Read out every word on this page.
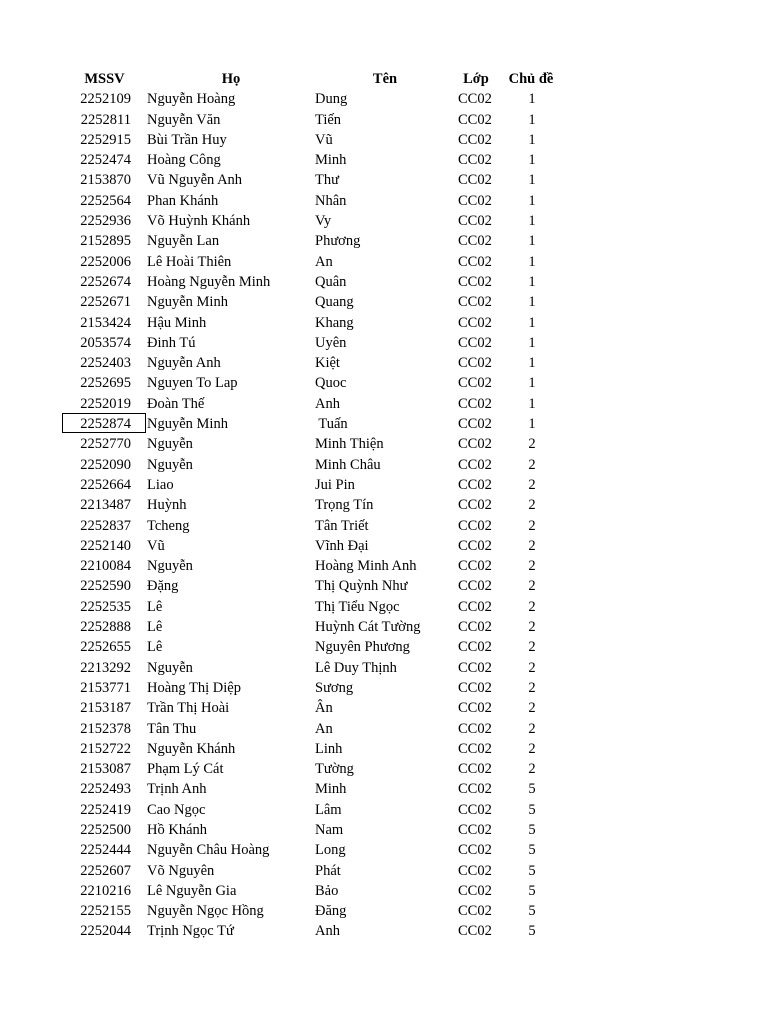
MSSV	Họ	Tên	Lớp	Chủ đề
2252109 Nguyễn Hoàng	Dung	CC02	1
2252811 Nguyễn Văn	Tiến	CC02	1
2252915 Bùi Trần Huy	Vũ	CC02	1
2252474 Hoàng Công	Minh	CC02	1
2153870 Vũ Nguyễn Anh	Thư	CC02	1
2252564 Phan Khánh	Nhân	CC02	1
2252936 Võ Huỳnh Khánh	Vy	CC02	1
2152895 Nguyễn Lan	Phương	CC02	1
2252006 Lê Hoài Thiên	An	CC02	1
2252674 Hoàng Nguyễn Minh	Quân	CC02	1
2252671 Nguyễn Minh	Quang	CC02	1
2153424 Hậu Minh	Khang	CC02	1
2053574 Đinh Tú	Uyên	CC02	1
2252403 Nguyễn Anh	Kiệt	CC02	1
2252695 Nguyen To Lap	Quoc	CC02	1
2252019 Đoàn Thế	Anh	CC02	1
2252874 Nguyễn Minh	Tuấn	CC02	1
2252770 Nguyễn	Minh Thiện	CC02	2
2252090 Nguyễn	Minh Châu	CC02	2
2252664 Liao	Jui Pin	CC02	2
2213487 Huỳnh	Trọng Tín	CC02	2
2252837 Tcheng	Tân Triết	CC02	2
2252140 Vũ	Vĩnh Đại	CC02	2
2210084 Nguyễn	Hoàng Minh Anh	CC02	2
2252590 Đặng	Thị Quỳnh Như	CC02	2
2252535 Lê	Thị Tiểu Ngọc	CC02	2
2252888 Lê	Huỳnh Cát Tường	CC02	2
2252655 Lê	Nguyên Phương	CC02	2
2213292 Nguyễn	Lê Duy Thịnh	CC02	2
2153771 Hoàng Thị Diệp	Sương	CC02	2
2153187 Trần Thị Hoài	Ân	CC02	2
2152378 Tân Thu	An	CC02	2
2152722 Nguyễn Khánh	Linh	CC02	2
2153087 Phạm Lý Cát	Tường	CC02	2
2252493 Trịnh Anh	Minh	CC02	5
2252419 Cao Ngọc	Lâm	CC02	5
2252500 Hồ Khánh	Nam	CC02	5
2252444 Nguyễn Châu Hoàng	Long	CC02	5
2252607 Võ Nguyên	Phát	CC02	5
2210216 Lê Nguyễn Gia	Bảo	CC02	5
2252155 Nguyễn Ngọc Hồng	Đăng	CC02	5
2252044 Trịnh Ngọc Tứ	Anh	CC02	5
